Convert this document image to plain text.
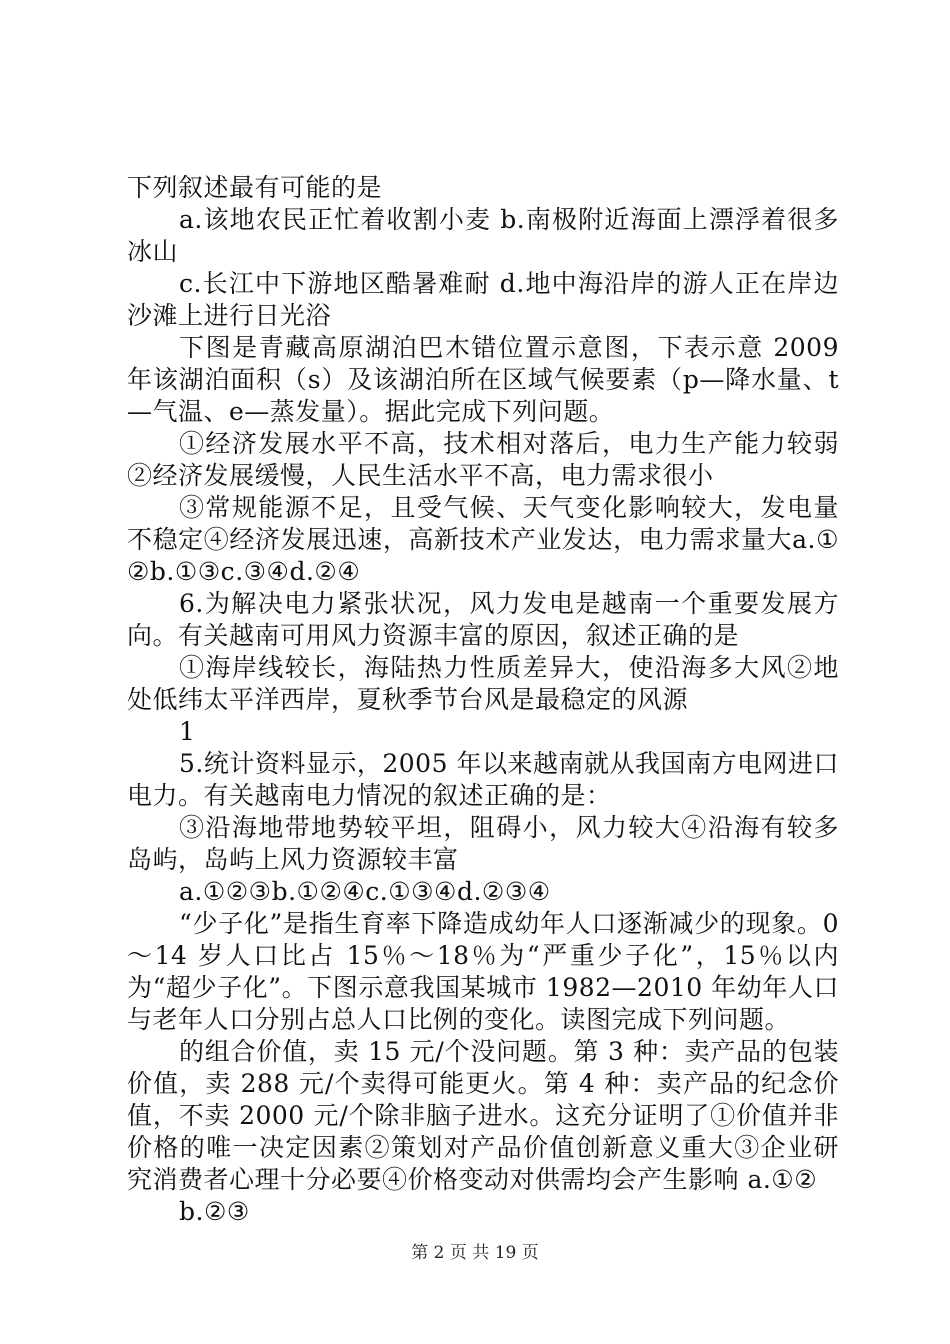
下列叙述最有可能的是

a.该地农民正忙着收割小麦 b.南极附近海面上漂浮着很多冰山

c.长江中下游地区酷暑难耐 d.地中海沿岸的游人正在岸边沙滩上进行日光浴

下图是青藏高原湖泊巴木错位置示意图，下表示意 2009 年该湖泊面积（s）及该湖泊所在区域气候要素（p—降水量、t—气温、e—蒸发量）。据此完成下列问题。

①经济发展水平不高，技术相对落后，电力生产能力较弱②经济发展缓慢，人民生活水平不高，电力需求很小

③常规能源不足，且受气候、天气变化影响较大，发电量不稳定④经济发展迅速，高新技术产业发达，电力需求量大a.①②b.①③c.③④d.②④

6.为解决电力紧张状况，风力发电是越南一个重要发展方向。有关越南可用风力资源丰富的原因，叙述正确的是

①海岸线较长，海陆热力性质差异大，使沿海多大风②地处低纬太平洋西岸，夏秋季节台风是最稳定的风源

1

5.统计资料显示，2005 年以来越南就从我国南方电网进口电力。有关越南电力情况的叙述正确的是：

③沿海地带地势较平坦，阻碍小，风力较大④沿海有较多岛屿，岛屿上风力资源较丰富

a.①②③b.①②④c.①③④d.②③④

“少子化”是指生育率下降造成幼年人口逐渐减少的现象。0～14 岁人口比占 15％～18％为“严重少子化”，15％以内为“超少子化”。下图示意我国某城市 1982—2010 年幼年人口与老年人口分别占总人口比例的变化。读图完成下列问题。

的组合价值，卖 15 元/个没问题。第 3 种：卖产品的包装价值，卖 288 元/个卖得可能更火。第 4 种：卖产品的纪念价值，不卖 2000 元/个除非脑子进水。这充分证明了①价值并非价格的唯一决定因素②策划对产品价值创新意义重大③企业研究消费者心理十分必要④价格变动对供需均会产生影响 a.①②

b.②③

第 2 页 共 19 页
